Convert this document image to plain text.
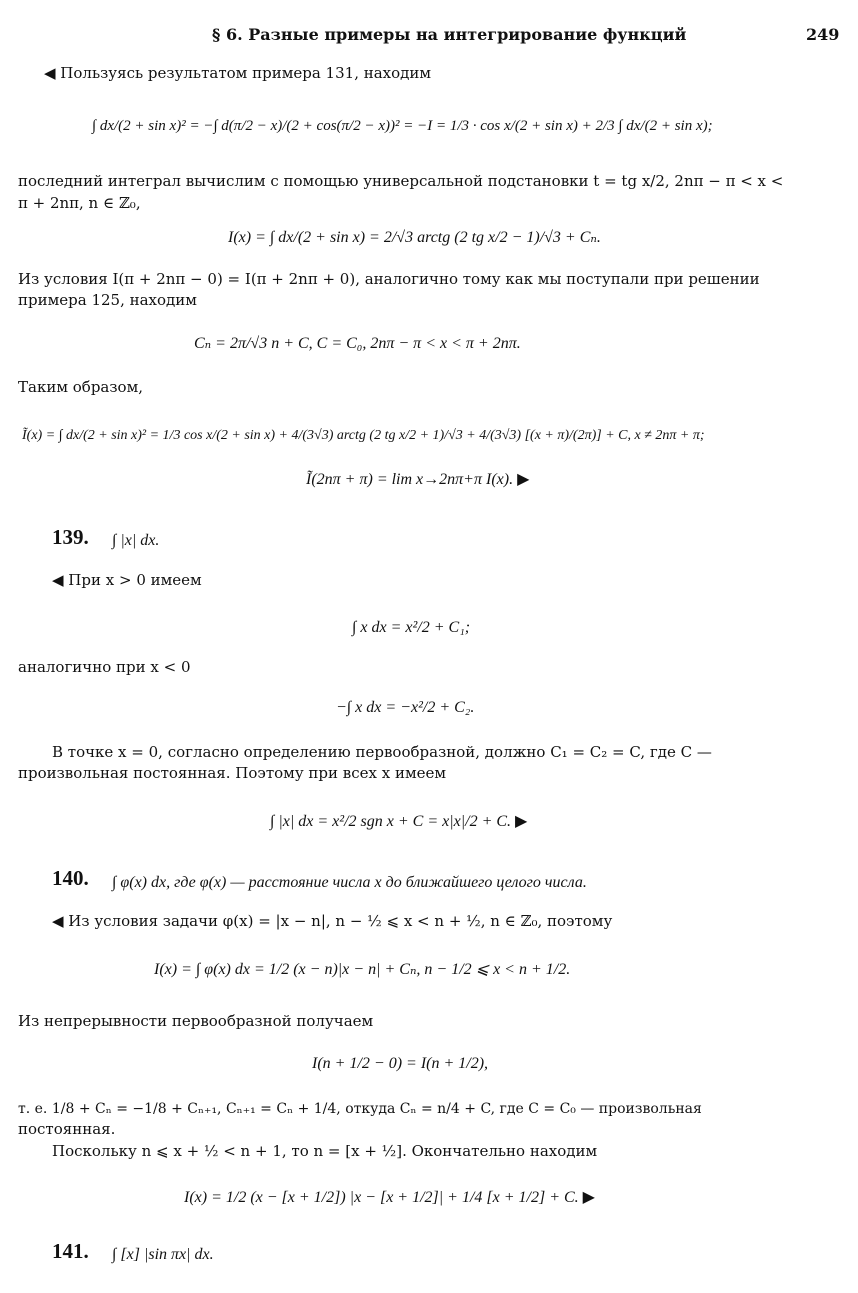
§ 6. Разные примеры на интегрирование функций	249
◀ Пользуясь результатом примера 131, находим
∫ dx/(2 + sin x)² = −∫ d(π/2 − x)/(2 + cos(π/2 − x))² = −I = 1/3 · cos x/(2 + sin x) + 2/3 ∫ dx/(2 + sin x);
последний интеграл вычислим с помощью универсальной подстановки t = tg x/2, 2nπ − π < x <
π + 2nπ, n ∈ ℤ₀,
I(x) = ∫ dx/(2 + sin x) = 2/√3 arctg (2 tg x/2 − 1)/√3 + Cₙ.
Из условия I(π + 2nπ − 0) = I(π + 2nπ + 0), аналогично тому как мы поступали при решении
примера 125, находим
Cₙ = 2π/√3 n + C, C = C₀, 2nπ − π < x < π + 2nπ.
Таким образом,
Ĩ(x) = ∫ dx/(2 + sin x)² = 1/3 cos x/(2 + sin x) + 4/(3√3) arctg (2 tg x/2 + 1)/√3 + 4/(3√3) [(x + π)/(2π)] + C, x ≠ 2nπ + π;
Ĩ(2nπ + π) = lim x→2nπ+π I(x). ▶
139. ∫ |x| dx.
◀ При x > 0 имеем
∫ x dx = x²/2 + C₁;
аналогично при x < 0
−∫ x dx = −x²/2 + C₂.
В точке x = 0, согласно определению первообразной, должно C₁ = C₂ = C, где C —
произвольная постоянная. Поэтому при всех x имеем
∫ |x| dx = x²/2 sgn x + C = x|x|/2 + C. ▶
140. ∫ φ(x) dx, где φ(x) — расстояние числа x до ближайшего целого числа.
◀ Из условия задачи φ(x) = |x − n|, n − ½ ⩽ x < n + ½, n ∈ ℤ₀, поэтому
I(x) = ∫ φ(x) dx = 1/2 (x − n)|x − n| + Cₙ, n − 1/2 ⩽ x < n + 1/2.
Из непрерывности первообразной получаем
I(n + 1/2 − 0) = I(n + 1/2),
т. е. 1/8 + Cₙ = −1/8 + Cₙ₊₁, Cₙ₊₁ = Cₙ + 1/4, откуда Cₙ = n/4 + C, где C = C₀ — произвольная
постоянная.
Поскольку n ⩽ x + ½ < n + 1, то n = [x + ½]. Окончательно находим
I(x) = 1/2 (x − [x + 1/2]) |x − [x + 1/2]| + 1/4 [x + 1/2] + C. ▶
141. ∫ [x] |sin πx| dx.
